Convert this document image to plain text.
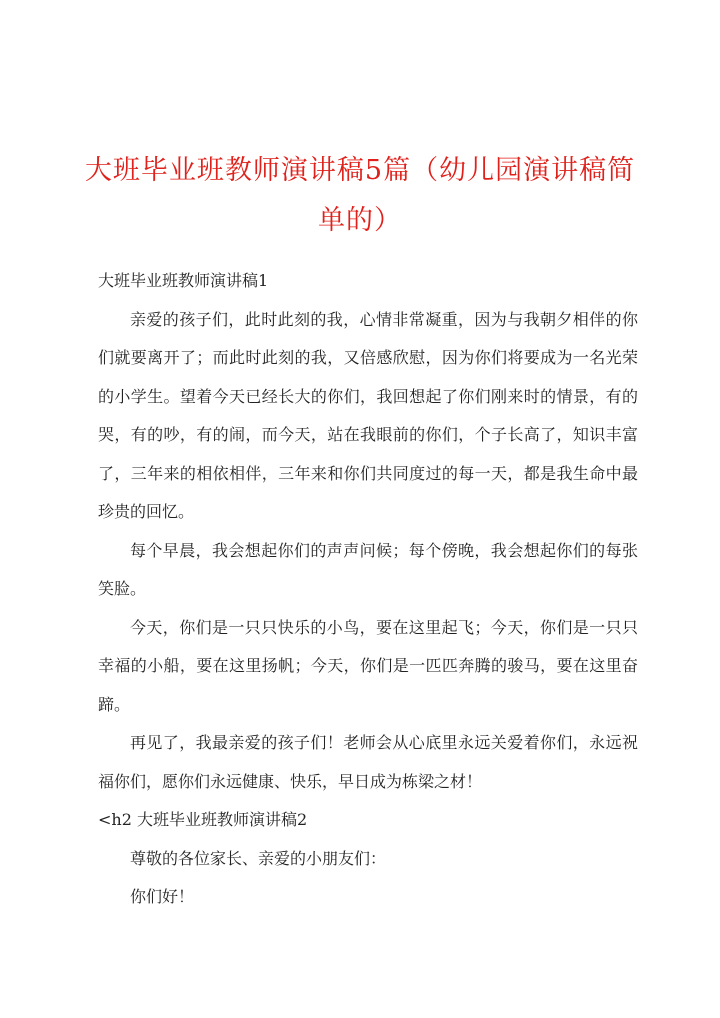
大班毕业班教师演讲稿5篇（幼儿园演讲稿简
单的）

大班毕业班教师演讲稿1

亲爱的孩子们，此时此刻的我，心情非常凝重，因为与我朝夕相伴的你们就要离开了；而此时此刻的我，又倍感欣慰，因为你们将要成为一名光荣的小学生。望着今天已经长大的你们，我回想起了你们刚来时的情景，有的哭，有的吵，有的闹，而今天，站在我眼前的你们，个子长高了，知识丰富了，三年来的相依相伴，三年来和你们共同度过的每一天，都是我生命中最珍贵的回忆。

每个早晨，我会想起你们的声声问候；每个傍晚，我会想起你们的每张笑脸。

今天，你们是一只只快乐的小鸟，要在这里起飞；今天，你们是一只只幸福的小船，要在这里扬帆；今天，你们是一匹匹奔腾的骏马，要在这里奋蹄。

再见了，我最亲爱的孩子们！老师会从心底里永远关爱着你们，永远祝福你们，愿你们永远健康、快乐，早日成为栋梁之材！

<h2 大班毕业班教师演讲稿2

尊敬的各位家长、亲爱的小朋友们：

你们好！
